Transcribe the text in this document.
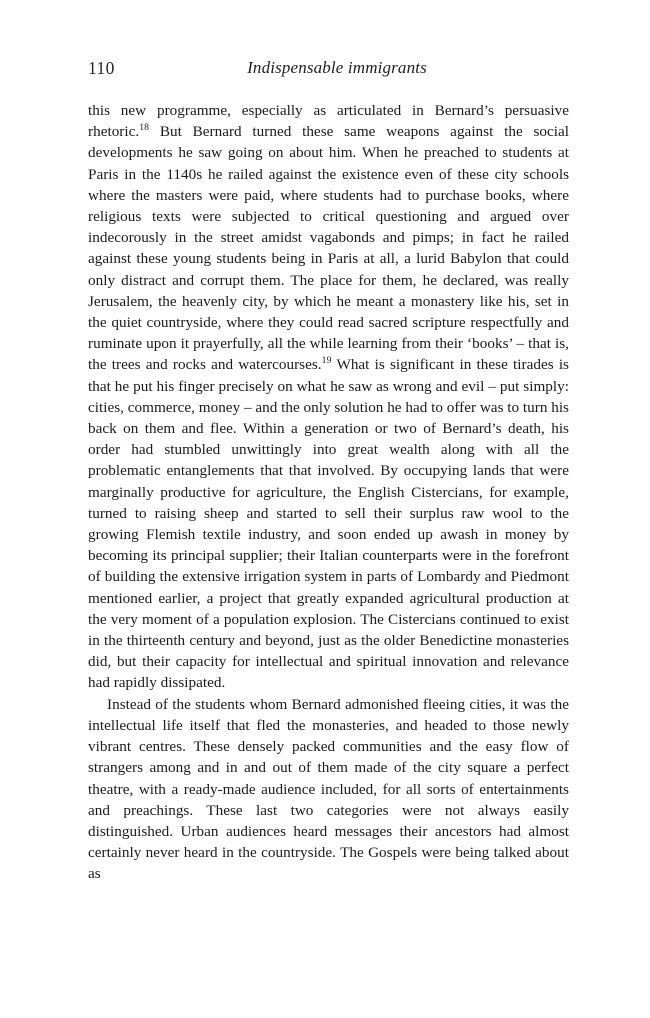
110	Indispensable immigrants

this new programme, especially as articulated in Bernard’s persuasive rhetoric.$^{18}$ But Bernard turned these same weapons against the social developments he saw going on about him. When he preached to students at Paris in the 1140s he railed against the existence even of these city schools where the masters were paid, where students had to purchase books, where religious texts were subjected to critical questioning and argued over indecorously in the street amidst vagabonds and pimps; in fact he railed against these young students being in Paris at all, a lurid Babylon that could only distract and corrupt them. The place for them, he declared, was really Jerusalem, the heavenly city, by which he meant a monastery like his, set in the quiet countryside, where they could read sacred scripture respectfully and ruminate upon it prayerfully, all the while learning from their ‘books’ – that is, the trees and rocks and watercourses.$^{19}$ What is significant in these tirades is that he put his finger precisely on what he saw as wrong and evil – put simply: cities, commerce, money – and the only solution he had to offer was to turn his back on them and flee. Within a generation or two of Bernard’s death, his order had stumbled unwittingly into great wealth along with all the problematic entanglements that that involved. By occupying lands that were marginally productive for agriculture, the English Cistercians, for example, turned to raising sheep and started to sell their surplus raw wool to the growing Flemish textile industry, and soon ended up awash in money by becoming its principal supplier; their Italian counterparts were in the forefront of building the extensive irrigation system in parts of Lombardy and Piedmont mentioned earlier, a project that greatly expanded agricultural production at the very moment of a population explosion. The Cistercians continued to exist in the thirteenth century and beyond, just as the older Benedictine monasteries did, but their capacity for intellectual and spiritual innovation and relevance had rapidly dissipated.

Instead of the students whom Bernard admonished fleeing cities, it was the intellectual life itself that fled the monasteries, and headed to those newly vibrant centres. These densely packed communities and the easy flow of strangers among and in and out of them made of the city square a perfect theatre, with a ready-made audience included, for all sorts of entertainments and preachings. These last two categories were not always easily distinguished. Urban audiences heard messages their ancestors had almost certainly never heard in the countryside. The Gospels were being talked about as
